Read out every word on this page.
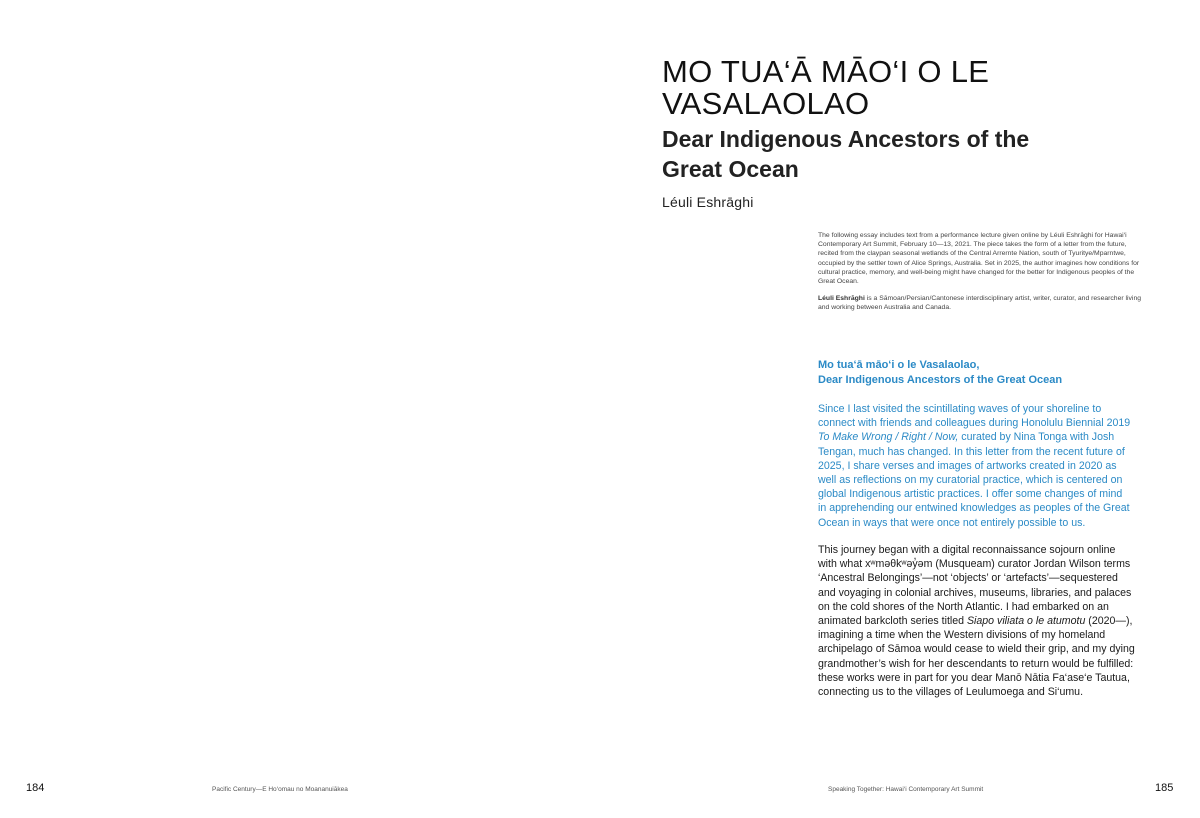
MO TUA‘Ā MĀO‘I O LE
VASALAOLAO
Dear Indigenous Ancestors of the
Great Ocean
Léuli Eshrāghi

The following essay includes text from a performance lecture given online by Léuli Eshrāghi for Hawai‘i Contemporary Art Summit, February 10—13, 2021. The piece takes the form of a letter from the future, recited from the claypan seasonal wetlands of the Central Arrernte Nation, south of Tyuritye/Mparntwe, occupied by the settler town of Alice Springs, Australia. Set in 2025, the author imagines how conditions for cultural practice, memory, and well-being might have changed for the better for Indigenous peoples of the Great Ocean.

Léuli Eshrāghi is a Sāmoan/Persian/Cantonese interdisciplinary artist, writer, curator, and researcher living and working between Australia and Canada.

Mo tua‘ā māo‘i o le Vasalaolao,
Dear Indigenous Ancestors of the Great Ocean

Since I last visited the scintillating waves of your shoreline to
connect with friends and colleagues during Honolulu Biennial 2019
To Make Wrong / Right / Now, curated by Nina Tonga with Josh
Tengan, much has changed. In this letter from the recent future of
2025, I share verses and images of artworks created in 2020 as
well as reflections on my curatorial practice, which is centered on
global Indigenous artistic practices. I offer some changes of mind
in apprehending our entwined knowledges as peoples of the Great
Ocean in ways that were once not entirely possible to us.

This journey began with a digital reconnaissance sojourn online
with what xʷməθkʷəy̓əm (Musqueam) curator Jordan Wilson terms
‘Ancestral Belongings’—not ‘objects’ or ‘artefacts’—sequestered
and voyaging in colonial archives, museums, libraries, and palaces
on the cold shores of the North Atlantic. I had embarked on an
animated barkcloth series titled Siapo viliata o le atumotu (2020—),
imagining a time when the Western divisions of my homeland
archipelago of Sāmoa would cease to wield their grip, and my dying
grandmother’s wish for her descendants to return would be fulfilled:
these works were in part for you dear Manō Nātia Fa‘ase‘e Tautua,
connecting us to the villages of Leulumoega and Si‘umu.

184	Pacific Century—E Ho‘omau no Moananuiākea	Speaking Together: Hawai‘i Contemporary Art Summit	185
